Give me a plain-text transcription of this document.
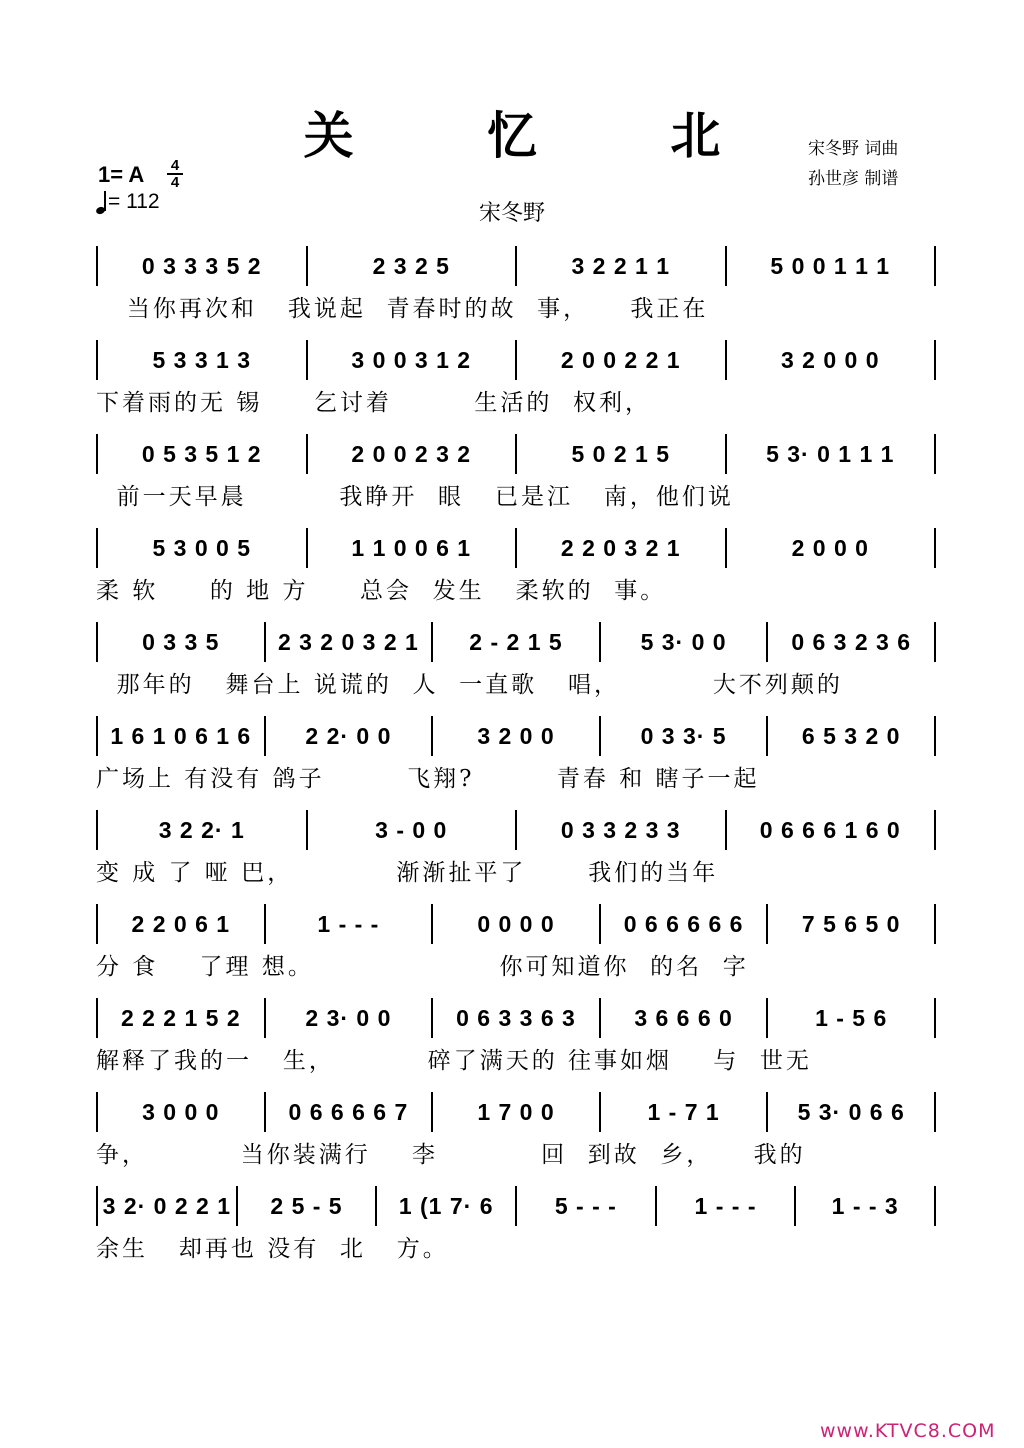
关 忆 北	宋冬野 词曲
孙世彦 制谱
1= A	4
4
= 112	宋冬野
0 3 3 3 5 2	2 3 2 5	3 2 2 1 1	5 0 0 1 1 1
当你再次和   我说起  青春时的故  事，    我正在
5 3 3 1 3	3 0 0 3 1 2	2 0 0 2 2 1	3 2 0 0 0
下着雨的无 锡     乞讨着        生活的  权利，
0 5 3 5 1 2	2 0 0 2 3 2	5 0 2 1 5	5 3· 0 1 1 1
前一天早晨         我睁开  眼   已是江   南，他们说
5 3 0 0 5	1 1 0 0 6 1	2 2 0 3 2 1	2 0 0 0
柔 软     的 地 方     总会  发生   柔软的  事。
0 3 3 5	2 3 2 0 3 2 1	2 - 2 1 5	5 3· 0 0	0 6 3 2 3 6
那年的   舞台上 说谎的  人  一直歌   唱，         大不列颠的
1 6 1 0 6 1 6	2 2· 0 0	3 2 0 0	0 3 3· 5	6 5 3 2 0
广场上 有没有 鸽子        飞翔?        青春 和 瞎子一起
3 2 2· 1	3 - 0 0	0 3 3 2 3 3	0 6 6 6 1 6 0
变 成 了 哑 巴，          渐渐扯平了      我们的当年
2 2 0 6 1	1 - - -	0 0 0 0	0 6 6 6 6 6	7 5 6 5 0
分 食    了理 想。                  你可知道你  的名  字
2 2 2 1 5 2	2 3· 0 0	0 6 3 3 6 3	3 6 6 6 0	1 - 5 6
解释了我的一   生，         碎了满天的 往事如烟    与  世无
3 0 0 0	0 6 6 6 6 7	1 7 0 0	1 - 7 1	5 3· 0 6 6
争，         当你装满行    李          回  到故  乡，    我的
3 2· 0 2 2 1	2 5 - 5	1 (1 7· 6	5 - - -	1 - - -	1 - - 3
余生   却再也 没有  北   方。
www.KTVC8.COM
